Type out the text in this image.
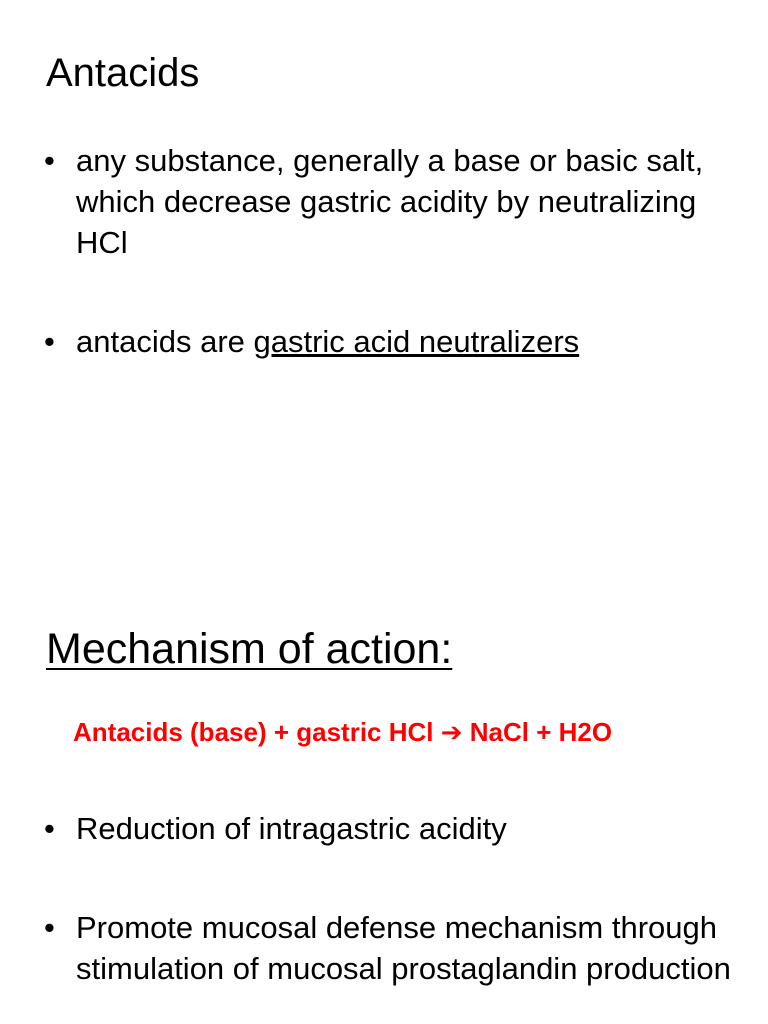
Antacids
• any substance, generally a base or basic salt, which decrease gastric acidity by neutralizing HCl
• antacids are gastric acid neutralizers
Mechanism of action:
Antacids (base) + gastric HCl ➔ NaCl + H2O
• Reduction of intragastric acidity
• Promote mucosal defense mechanism through stimulation of mucosal prostaglandin production
